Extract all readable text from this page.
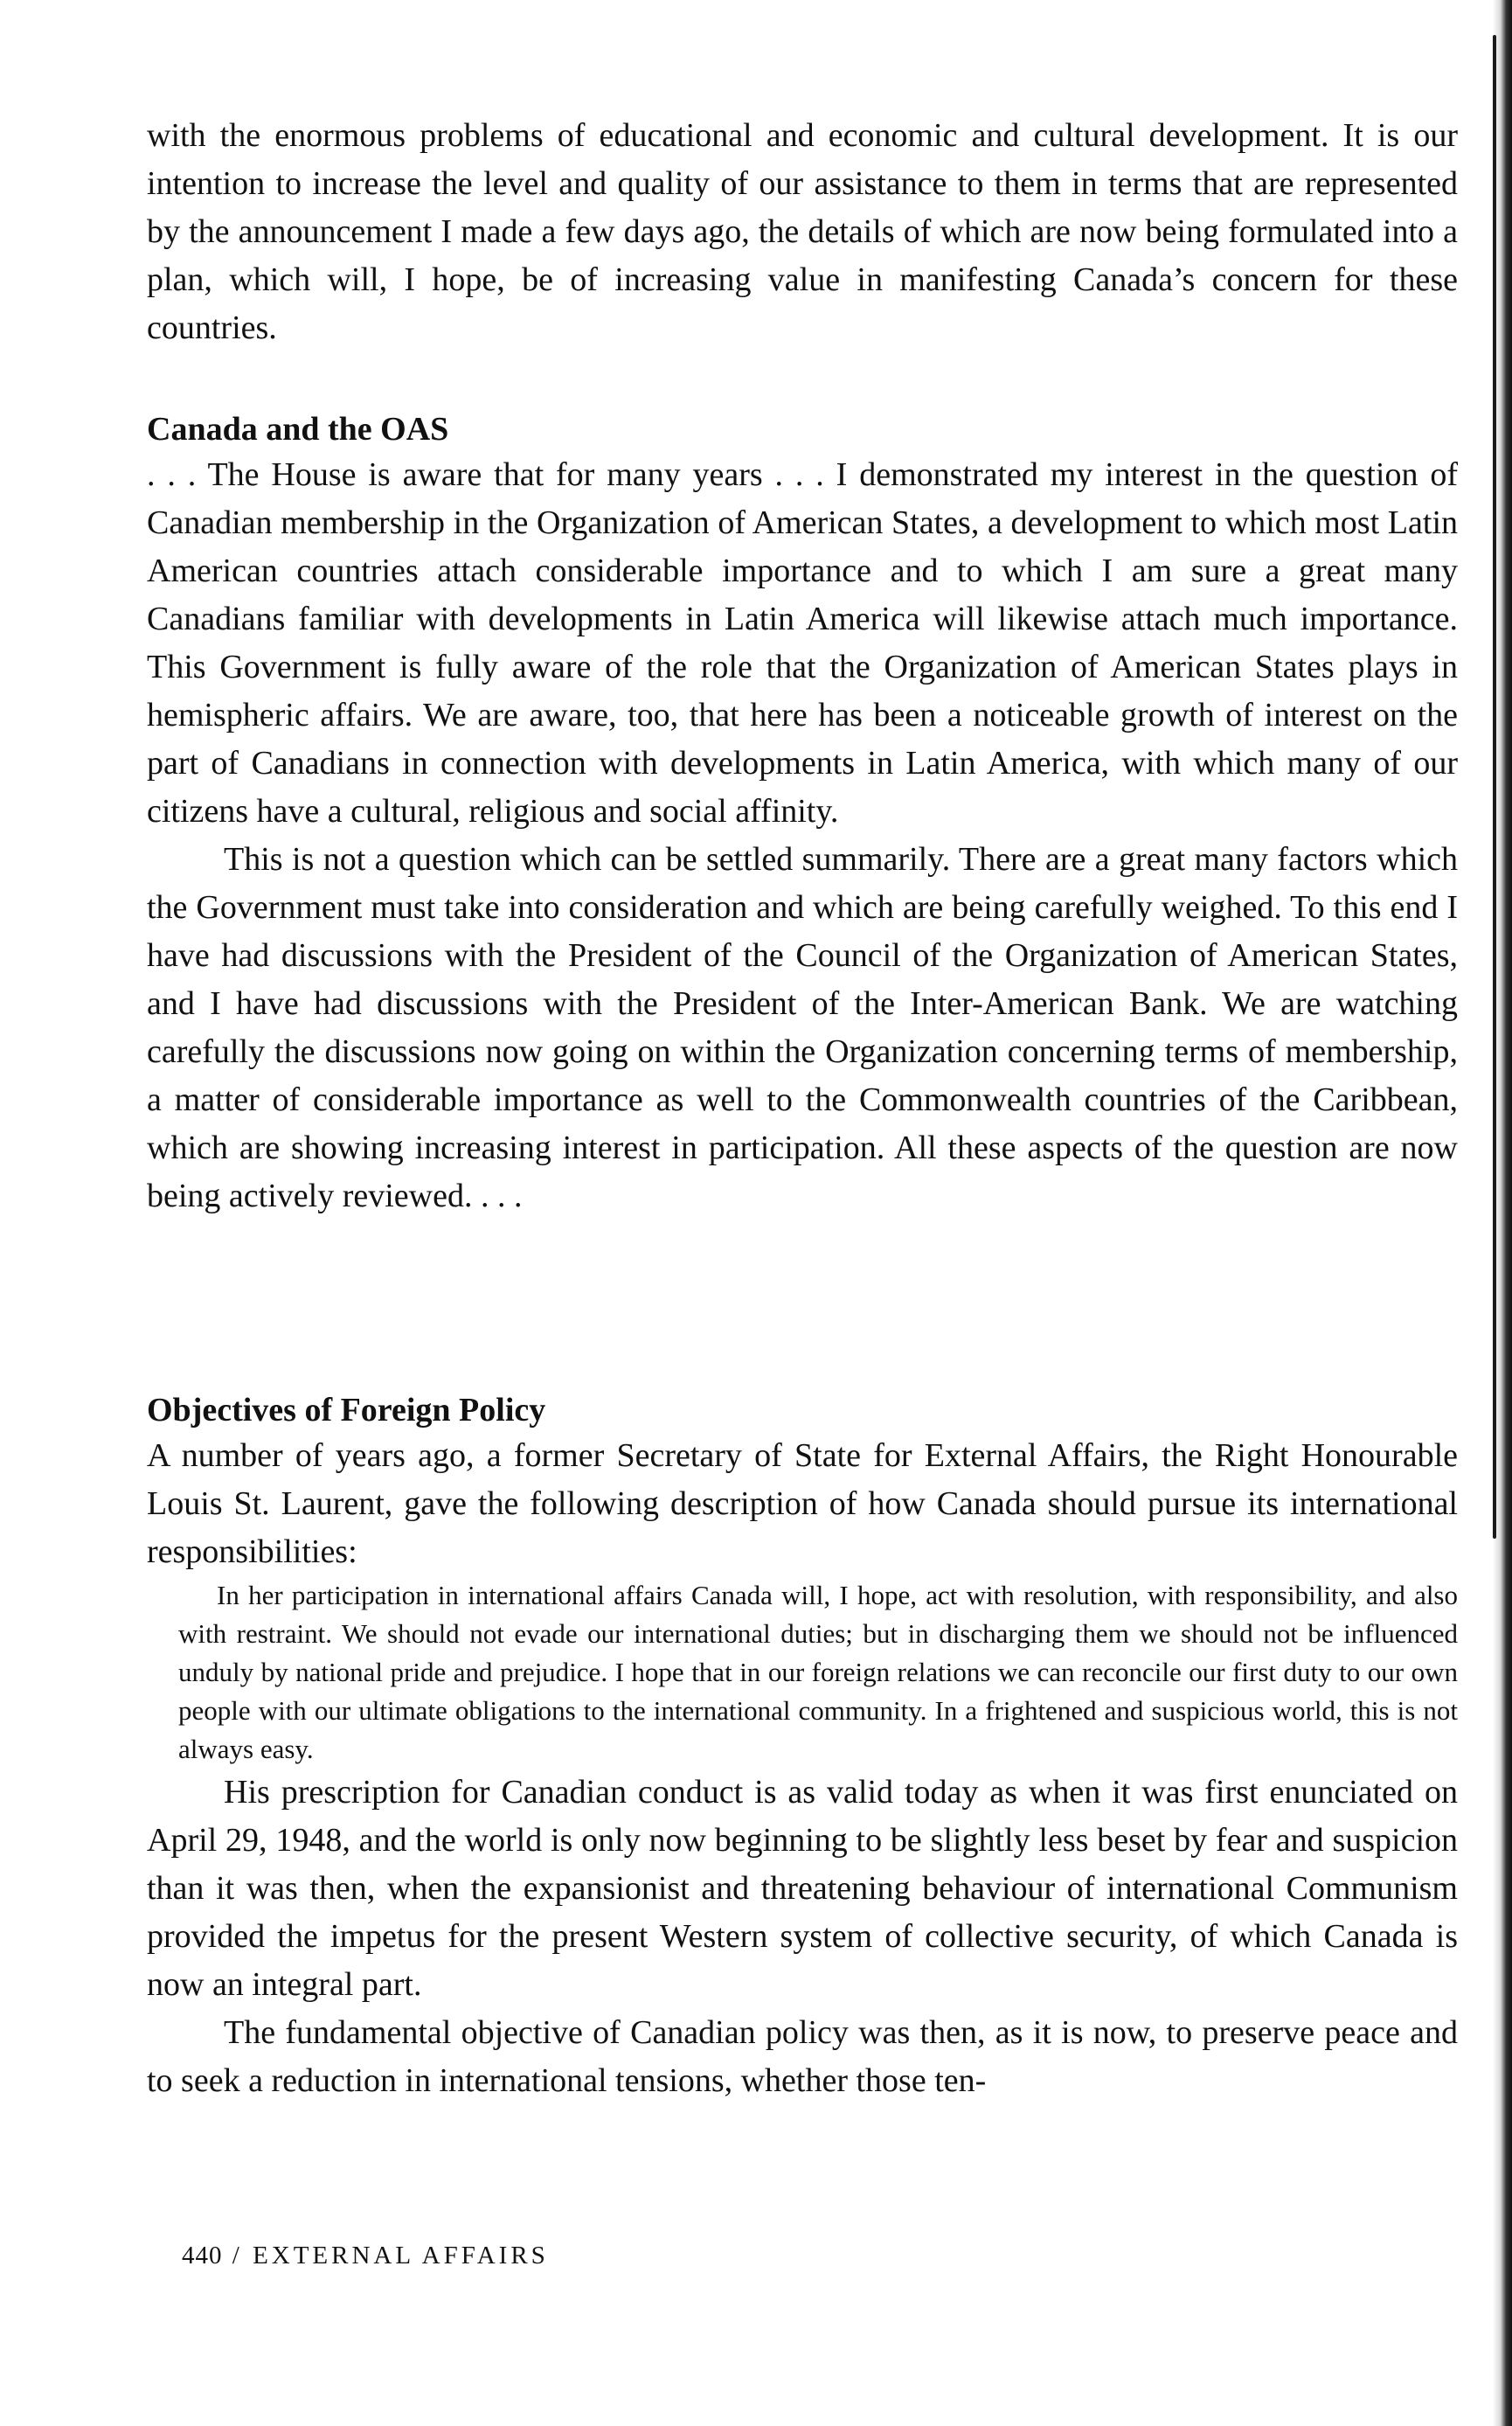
with the enormous problems of educational and economic and cultural development. It is our intention to increase the level and quality of our assistance to them in terms that are represented by the announcement I made a few days ago, the details of which are now being formulated into a plan, which will, I hope, be of increasing value in manifesting Canada’s concern for these countries.

Canada and the OAS

. . . The House is aware that for many years . . . I demonstrated my interest in the question of Canadian membership in the Organization of American States, a development to which most Latin American countries attach considerable importance and to which I am sure a great many Canadians familiar with developments in Latin America will likewise attach much importance. This Government is fully aware of the role that the Organization of American States plays in hemispheric affairs. We are aware, too, that here has been a noticeable growth of interest on the part of Canadians in connection with developments in Latin America, with which many of our citizens have a cultural, religious and social affinity.

This is not a question which can be settled summarily. There are a great many factors which the Government must take into consideration and which are being carefully weighed. To this end I have had discussions with the President of the Council of the Organization of American States, and I have had discussions with the President of the Inter-American Bank. We are watching carefully the discussions now going on within the Organization concerning terms of membership, a matter of considerable importance as well to the Commonwealth countries of the Caribbean, which are showing increasing interest in participation. All these aspects of the question are now being actively reviewed. . . .

Objectives of Foreign Policy

A number of years ago, a former Secretary of State for External Affairs, the Right Honourable Louis St. Laurent, gave the following description of how Canada should pursue its international responsibilities:

In her participation in international affairs Canada will, I hope, act with resolution, with responsibility, and also with restraint. We should not evade our international duties; but in discharging them we should not be influenced unduly by national pride and prejudice. I hope that in our foreign relations we can reconcile our first duty to our own people with our ultimate obligations to the international community. In a frightened and suspicious world, this is not always easy.

His prescription for Canadian conduct is as valid today as when it was first enunciated on April 29, 1948, and the world is only now beginning to be slightly less beset by fear and suspicion than it was then, when the expansionist and threatening behaviour of international Communism provided the impetus for the present Western system of collective security, of which Canada is now an integral part.

The fundamental objective of Canadian policy was then, as it is now, to preserve peace and to seek a reduction in international tensions, whether those ten-

440 / EXTERNAL AFFAIRS
